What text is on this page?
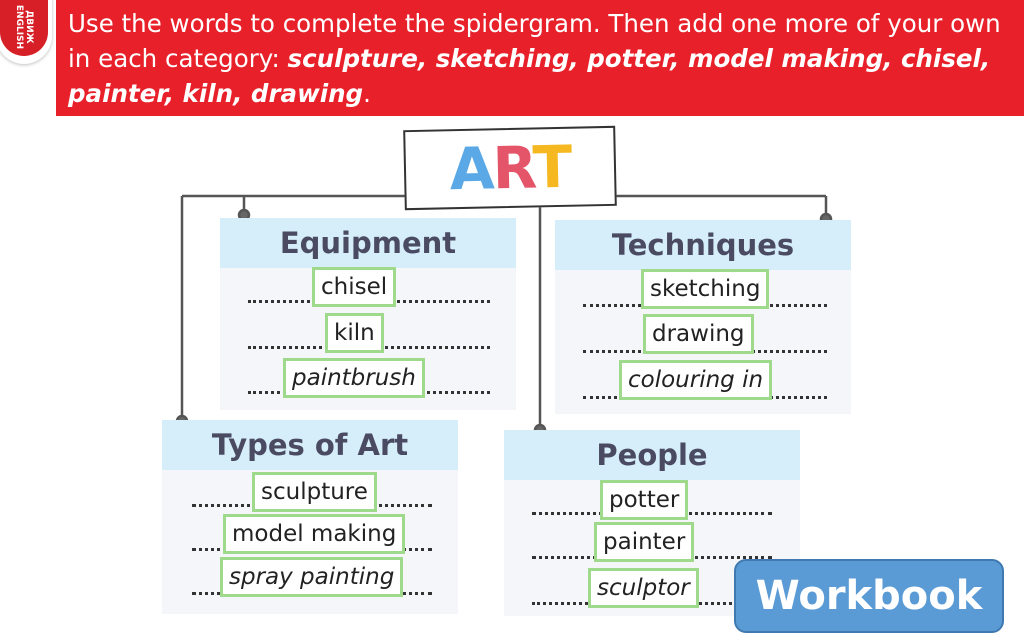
ДВИЖ
ENGLISH	Use the words to complete the spidergram. Then add one more of your own in each category: sculpture, sketching, potter, model making, chisel, painter, kiln, drawing.
ART
Equipment
chisel
kiln
paintbrush
Techniques
sketching
drawing
colouring in
Types of Art
sculpture
model making
spray painting
People
potter
painter
sculptor	Workbook
